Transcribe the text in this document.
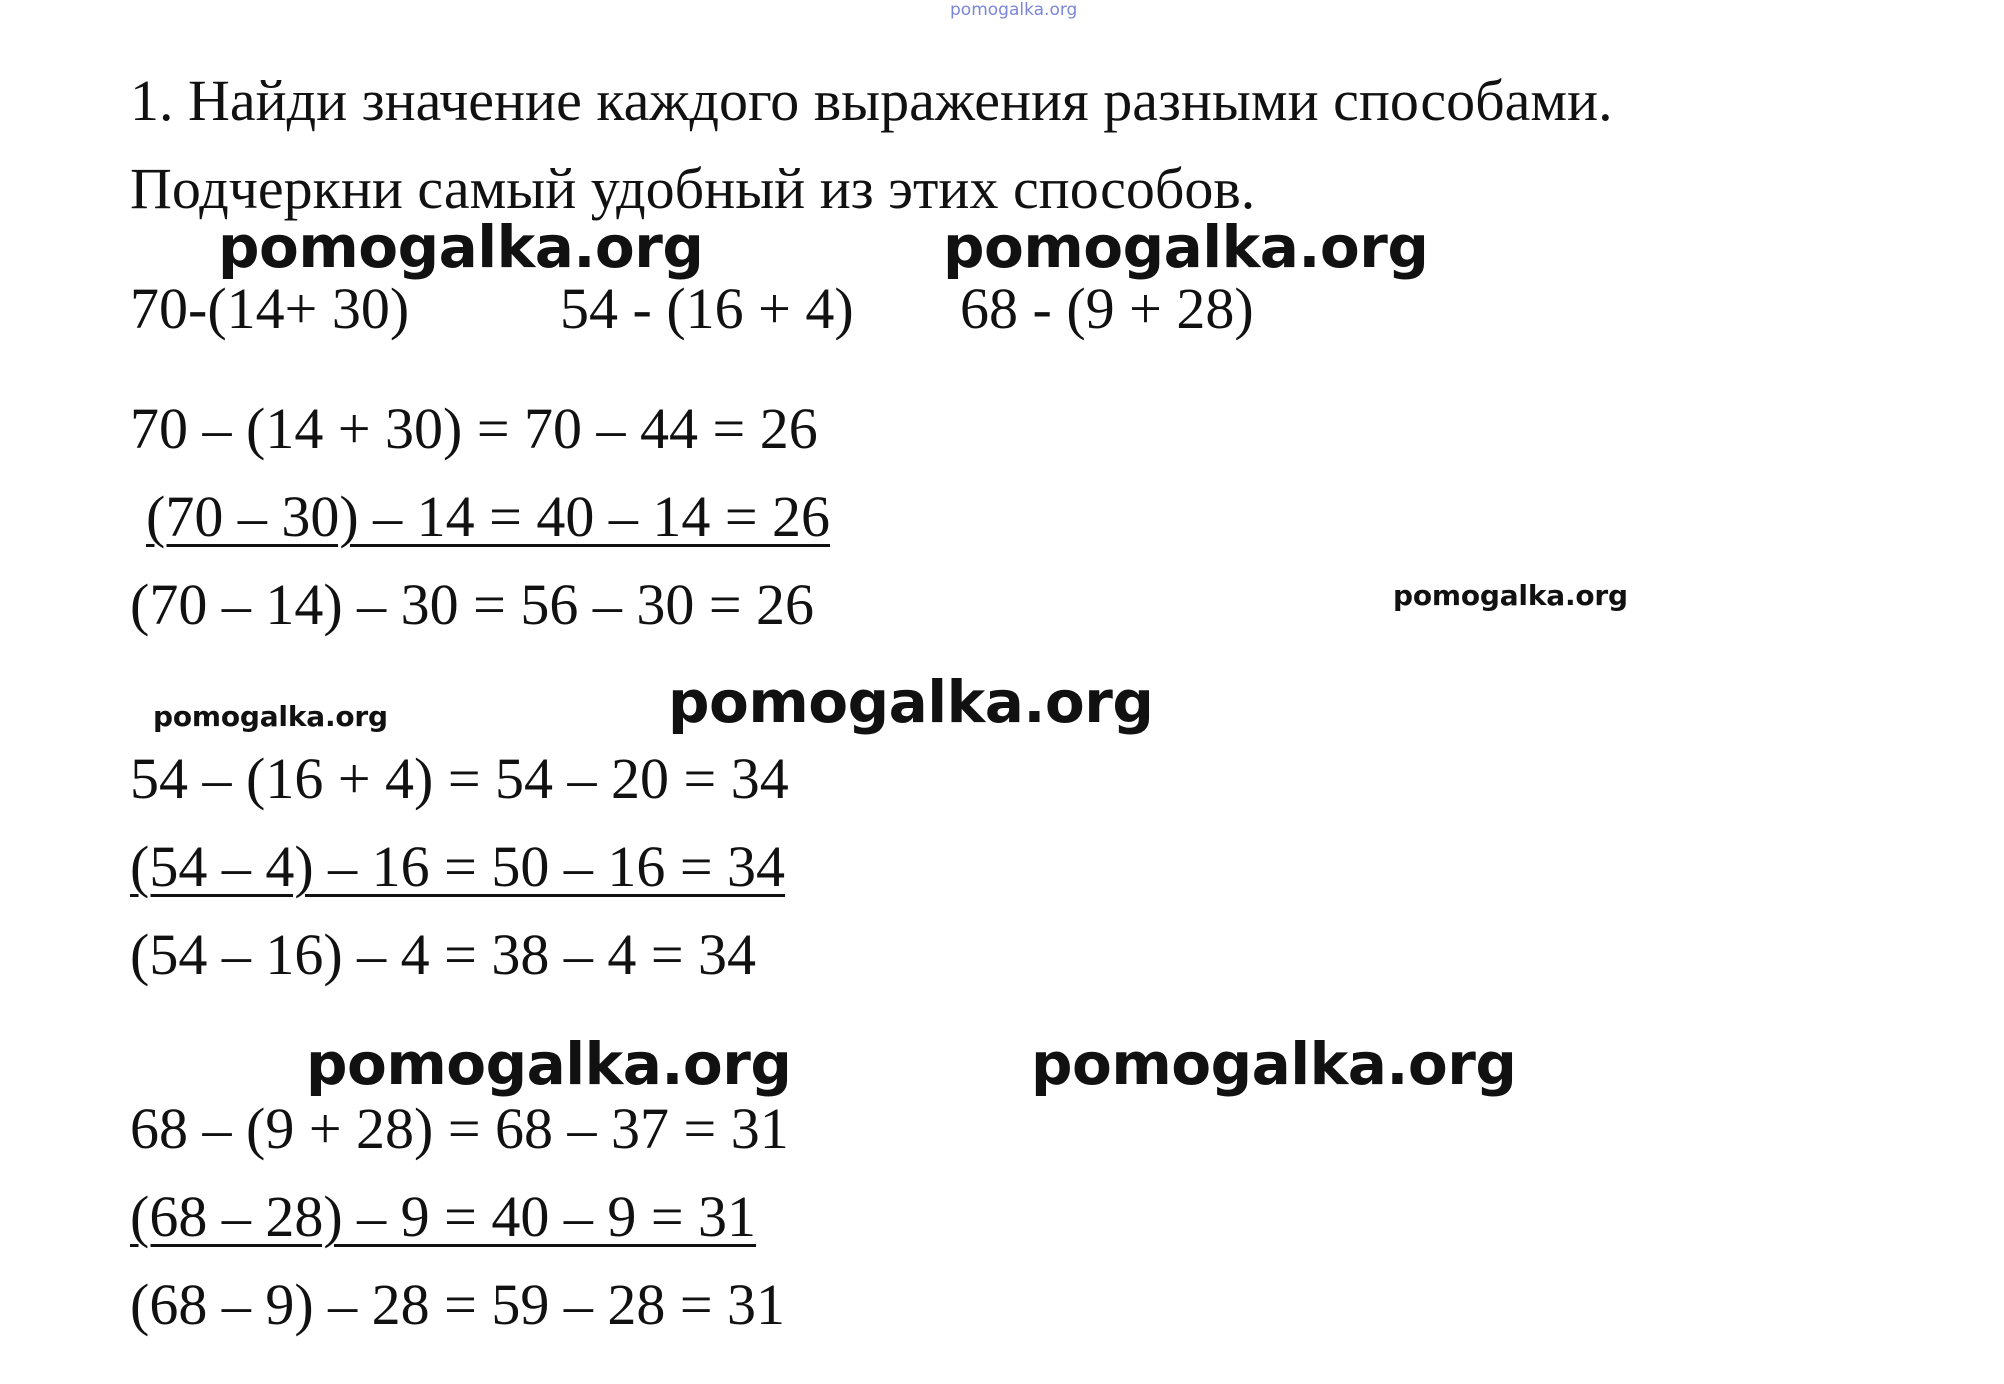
pomogalka.org
1. Найди значение каждого выражения разными способами.
Подчеркни самый удобный из этих способов.
pomogalka.org	pomogalka.org
70-(14+ 30)	54 - (16 + 4) 68 - (9 + 28)
70 – (14 + 30) = 70 – 44 = 26
(70 – 30) – 14 = 40 – 14 = 26
(70 – 14) – 30 = 56 – 30 = 26	pomogalka.org
pomogalka.org	pomogalka.org
54 – (16 + 4) = 54 – 20 = 34
(54 – 4) – 16 = 50 – 16 = 34
(54 – 16) – 4 = 38 – 4 = 34
pomogalka.org	pomogalka.org
68 – (9 + 28) = 68 – 37 = 31
(68 – 28) – 9 = 40 – 9 = 31
(68 – 9) – 28 = 59 – 28 = 31
